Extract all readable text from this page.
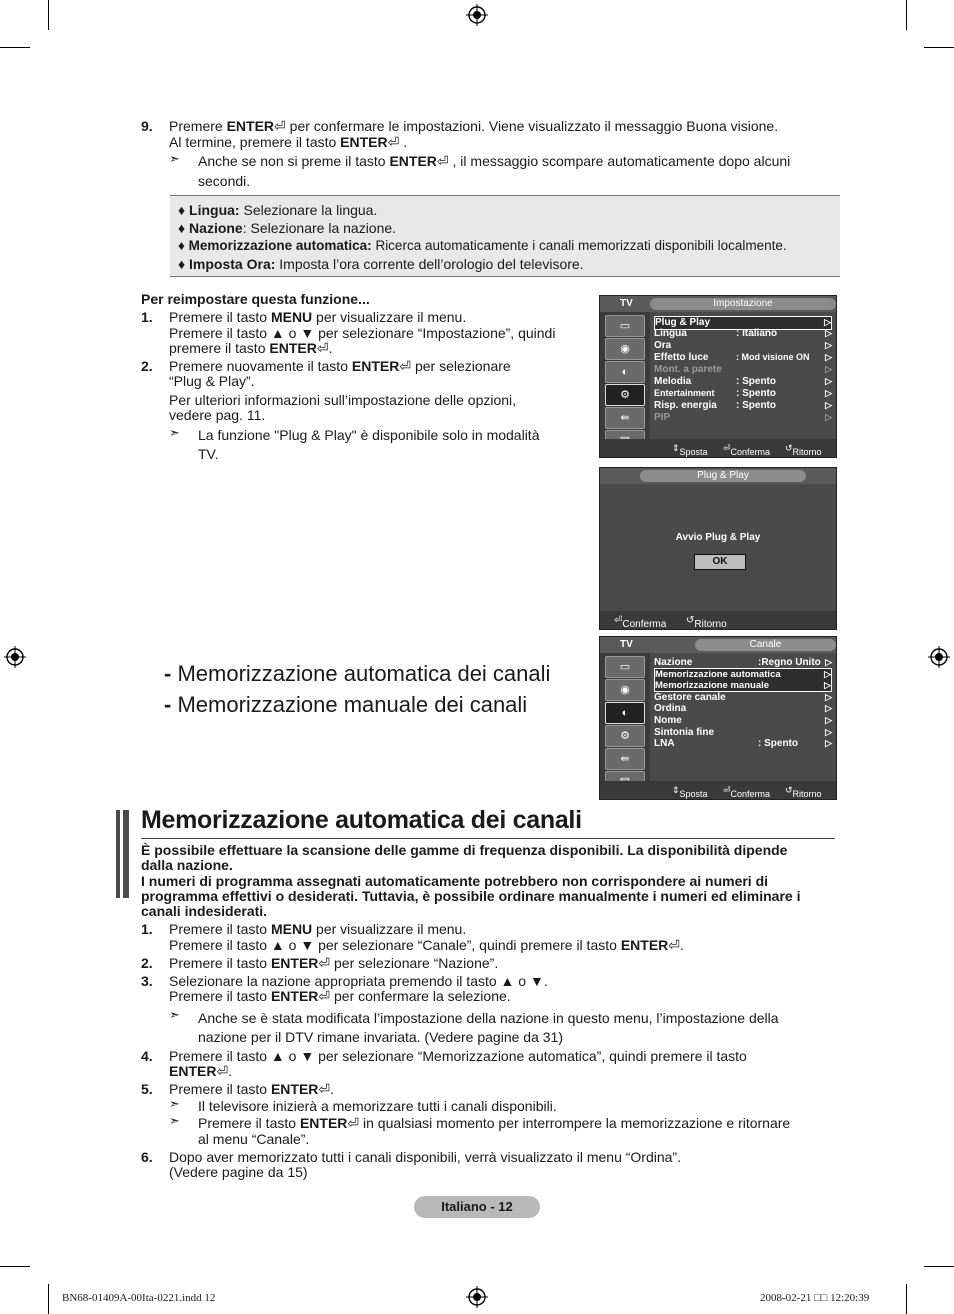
9. Premere ENTER⏎ per confermare le impostazioni. Viene visualizzato il messaggio Buona visione.
Al termine, premere il tasto ENTER⏎ .
➣ Anche se non si preme il tasto ENTER⏎ , il messaggio scompare automaticamente dopo alcuni
secondi.
♦ Lingua: Selezionare la lingua.
♦ Nazione: Selezionare la nazione.
♦ Memorizzazione automatica: Ricerca automaticamente i canali memorizzati disponibili localmente.
♦ Imposta Ora: Imposta l’ora corrente dell’orologio del televisore.
Per reimpostare questa funzione...
1. Premere il tasto MENU per visualizzare il menu.
Premere il tasto ▲ o ▼ per selezionare “Impostazione”, quindi
premere il tasto ENTER⏎.
2. Premere nuovamente il tasto ENTER⏎ per selezionare
“Plug & Play”.
Per ulteriori informazioni sull’impostazione delle opzioni,
vedere pag. 11.
➣ La funzione "Plug & Play" è disponibile solo in modalità
TV.
TV	Impostazione
▭
◉
◐
⚙
⇚
Plug & Play	▷
Lingua	: Italiano	▷
Ora	▷
Effetto luce	: Mod visione ON ▷
Mont. a parete	▷
Melodia	: Spento	▷
Entertainment : Spento	▷
Risp. energia : Spento	▷
PIP	▷
⇕ Sposta ⏎ Conferma ↺ Ritorno
Plug & Play
Avvio Plug & Play
OK
⏎ Conferma ↺ Ritorno
TV	Canale
▭
◉
◐
⚙
⇚
Nazione	:Regno Unito ▷
Memorizzazione automatica	▷

Memorizzazione manuale	▷
Gestore canale	▷
Ordina	▷
Nome	▷
Sintonia fine	▷
LNA	: Spento	▷
⇕ Sposta ⏎ Conferma ↺ Ritorno
- Memorizzazione automatica dei canali
- Memorizzazione manuale dei canali
Memorizzazione automatica dei canali
È possibile effettuare la scansione delle gamme di frequenza disponibili. La disponibilità dipende
dalla nazione.
I numeri di programma assegnati automaticamente potrebbero non corrispondere ai numeri di
programma effettivi o desiderati. Tuttavia, è possibile ordinare manualmente i numeri ed eliminare i
canali indesiderati.
1. Premere il tasto MENU per visualizzare il menu.
Premere il tasto ▲ o ▼ per selezionare “Canale”, quindi premere il tasto ENTER⏎.
2. Premere il tasto ENTER⏎ per selezionare “Nazione”.
3. Selezionare la nazione appropriata premendo il tasto ▲ o ▼.
Premere il tasto ENTER⏎ per confermare la selezione.
➣ Anche se è stata modificata l’impostazione della nazione in questo menu, l’impostazione della
nazione per il DTV rimane invariata. (Vedere pagine da 31)
4. Premere il tasto ▲ o ▼ per selezionare “Memorizzazione automatica”, quindi premere il tasto
ENTER⏎.
5. Premere il tasto ENTER⏎.
➣ Il televisore inizierà a memorizzare tutti i canali disponibili.
➣ Premere il tasto ENTER⏎ in qualsiasi momento per interrompere la memorizzazione e ritornare
al menu “Canale”.
6. Dopo aver memorizzato tutti i canali disponibili, verrà visualizzato il menu “Ordina”.
(Vedere pagine da 15)
Italiano - 12
BN68-01409A-00Ita-0221.indd 12	2008-02-21 □□ 12:20:39
